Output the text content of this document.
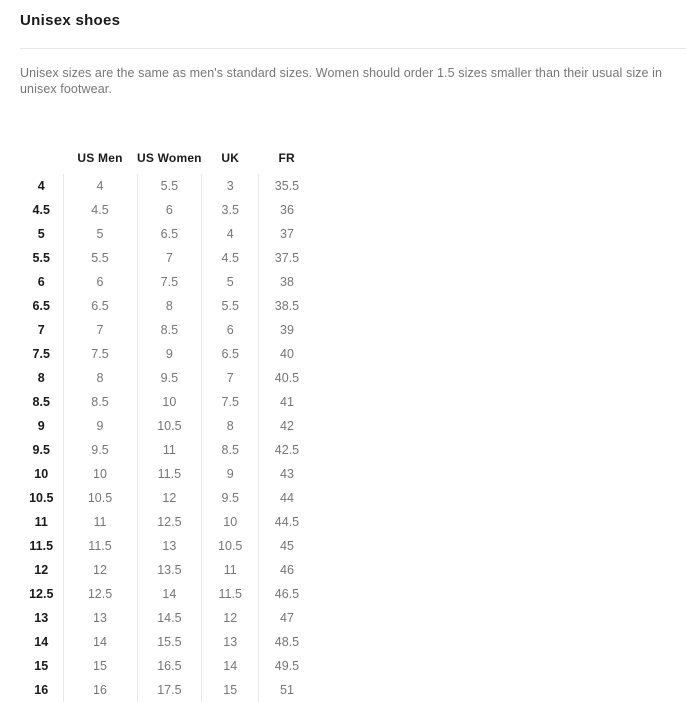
Unisex shoes

Unisex sizes are the same as men's standard sizes. Women should order 1.5 sizes smaller than their usual size in unisex footwear.

	US Men	US Women	UK	FR
4	4	5.5	3	35.5
4.5	4.5	6	3.5	36
5	5	6.5	4	37
5.5	5.5	7	4.5	37.5
6	6	7.5	5	38
6.5	6.5	8	5.5	38.5
7	7	8.5	6	39
7.5	7.5	9	6.5	40
8	8	9.5	7	40.5
8.5	8.5	10	7.5	41
9	9	10.5	8	42
9.5	9.5	11	8.5	42.5
10	10	11.5	9	43
10.5	10.5	12	9.5	44
11	11	12.5	10	44.5
11.5	11.5	13	10.5	45
12	12	13.5	11	46
12.5	12.5	14	11.5	46.5
13	13	14.5	12	47
14	14	15.5	13	48.5
15	15	16.5	14	49.5
16	16	17.5	15	51
